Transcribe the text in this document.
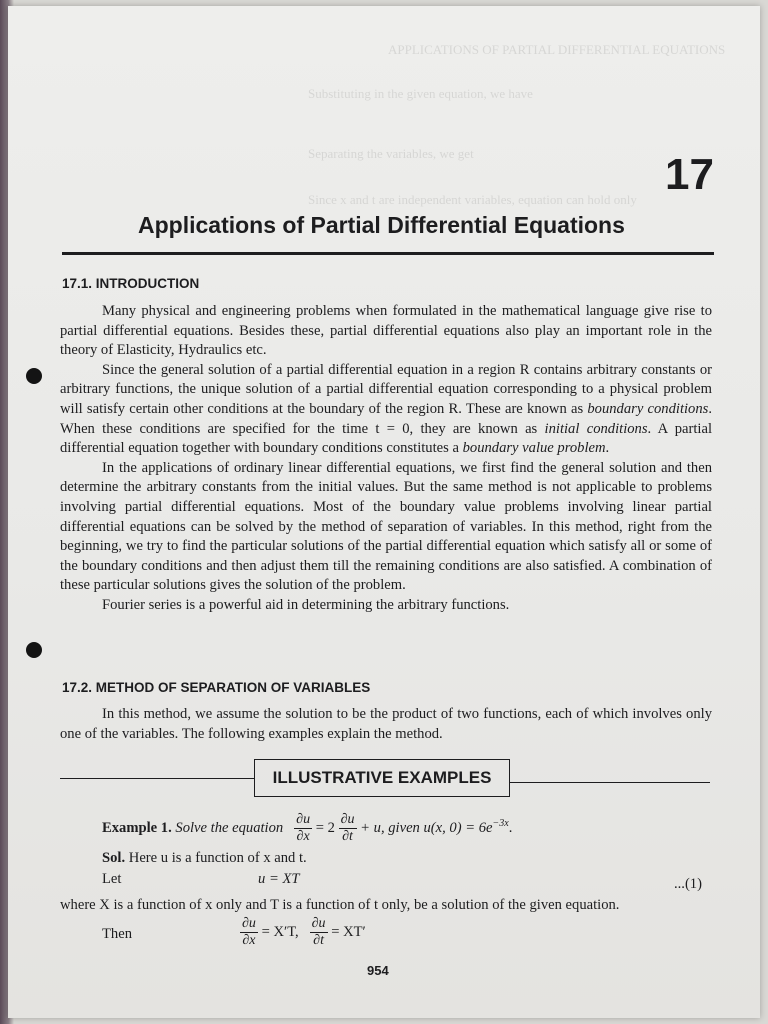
APPLICATIONS OF PARTIAL DIFFERENTIAL EQUATIONS
Substituting in the given equation, we have
Separating the variables, we get
Since x and t are independent variables, equation can hold only
17
Applications of Partial Differential Equations
17.1. INTRODUCTION

Many physical and engineering problems when formulated in the mathematical language give rise to partial differential equations. Besides these, partial differential equations also play an important role in the theory of Elasticity, Hydraulics etc.

Since the general solution of a partial differential equation in a region R contains arbitrary constants or arbitrary functions, the unique solution of a partial differential equation corresponding to a physical problem will satisfy certain other conditions at the boundary of the region R. These are known as boundary conditions. When these conditions are specified for the time t = 0, they are known as initial conditions. A partial differential equation together with boundary conditions constitutes a boundary value problem.

In the applications of ordinary linear differential equations, we first find the general solution and then determine the arbitrary constants from the initial values. But the same method is not applicable to problems involving partial differential equations. Most of the boundary value problems involving linear partial differential equations can be solved by the method of separation of variables. In this method, right from the beginning, we try to find the particular solutions of the partial differential equation which satisfy all or some of the boundary conditions and then adjust them till the remaining conditions are also satisfied. A combination of these particular solutions gives the solution of the problem.

Fourier series is a powerful aid in determining the arbitrary functions.

17.2. METHOD OF SEPARATION OF VARIABLES

In this method, we assume the solution to be the product of two functions, each of which involves only one of the variables. The following examples explain the method.

ILLUSTRATIVE EXAMPLES
Example 1. Solve the equation $\frac{\partial u}{\partial x} = 2 \frac{\partial u}{\partial t} + u$, given u(x, $0) = 6e^{-3x}$.
Sol. Here u is a function of x and t.
Let	u = XT	...(1)
where X is a function of x only and T is a function of t only, be a solution of the given equation.
Then	$\frac{\partial u}{\partial x} = X'T$, $\frac{\partial u}{\partial t} = XT'$
954
